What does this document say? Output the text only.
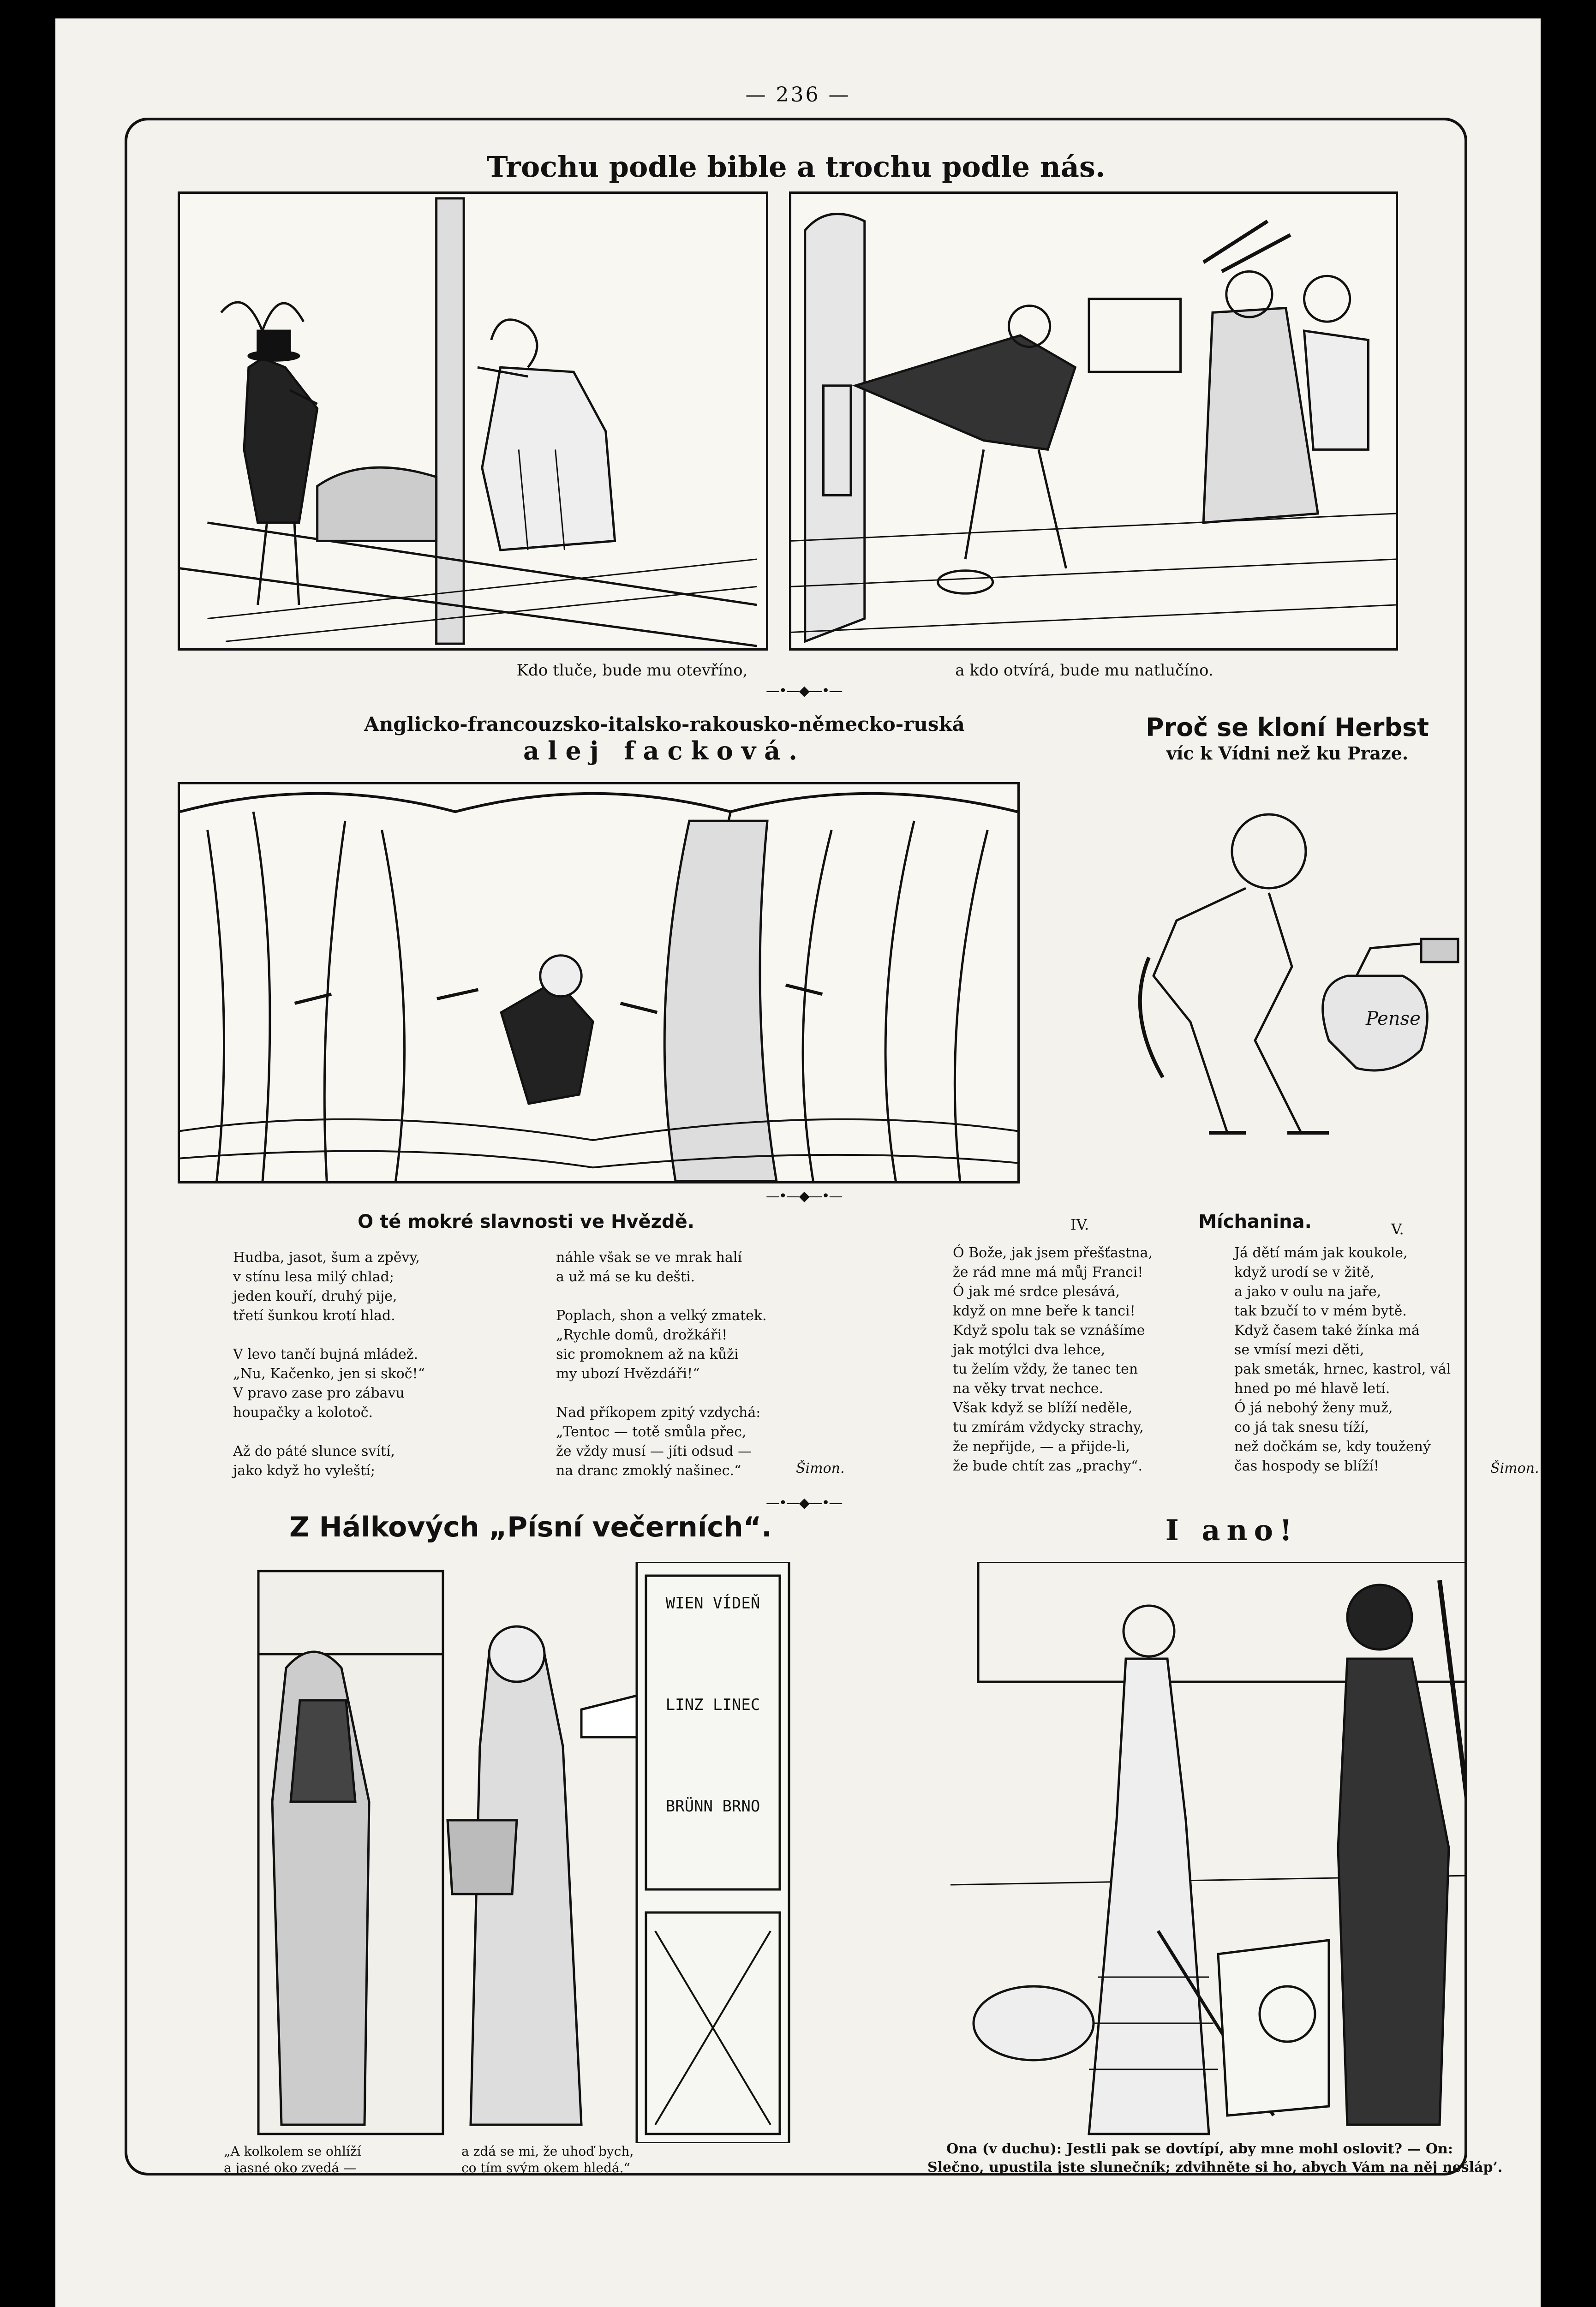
— 236 —
Trochu podle bible a trochu podle nás.
Kdo tluče, bude mu otevříno,	a kdo otvírá, bude mu natlučíno.
—•—◆—•—
Anglicko-francouzsko-italsko-rakousko-německo-ruská
alej facková.
Proč se kloní Herbst
víc k Vídni než ku Praze.
Pense
—•—◆—•—
O té mokré slavnosti ve Hvězdě.
Hudba, jasot, šum a zpěvy,
v stínu lesa milý chlad;
jeden kouří, druhý pije,
třetí šunkou krotí hlad.

V levo tančí bujná mládež.
„Nu, Kačenko, jen si skoč!“
V pravo zase pro zábavu
houpačky a kolotoč.

Až do páté slunce svítí,
jako když ho vyleští;
náhle však se ve mrak halí
a už má se ku dešti.

Poplach, shon a velký zmatek.
„Rychle domů, drožkáři!
sic promoknem až na kůži
my ubozí Hvězdáři!“

Nad příkopem zpitý vzdychá:
„Tentoc — totě smůla přec,
že vždy musí — jíti odsud —
na dranc zmoklý našinec.“	Šimon.
IV.	Míchanina.	V.
Ó Bože, jak jsem přešťastna,
že rád mne má můj Franci!
Ó jak mé srdce plesává,
když on mne beře k tanci!
Když spolu tak se vznášíme
jak motýlci dva lehce,
tu želím vždy, že tanec ten
na věky trvat nechce.
Však když se blíží neděle,
tu zmírám vždycky strachy,
že nepřijde, — a přijde-li,
že bude chtít zas „prachy“.
Já dětí mám jak koukole,
když urodí se v žitě,
a jako v oulu na jaře,
tak bzučí to v mém bytě.
Když časem také žínka má
se vmísí mezi děti,
pak smeták, hrnec, kastrol, vál
hned po mé hlavě letí.
Ó já nebohý ženy muž,
co já tak snesu tíží,
než dočkám se, kdy toužený
čas hospody se blíží!	Šimon.
—•—◆—•—
Z Hálkových „Písní večerních“.
WIEN VÍDEŇ
LINZ LINEC
BRÜNN BRNO
„A kolkolem se ohlíží
a jasné oko zvedá —
a zdá se mi, že uhoď bych,
co tím svým okem hledá.“
I ano!
Ona (v duchu): Jestli pak se dovtípí, aby mne mohl oslovit? — On:
Slečno, upustila jste slunečník; zdvihněte si ho, abych Vám na něj nešláp’.
